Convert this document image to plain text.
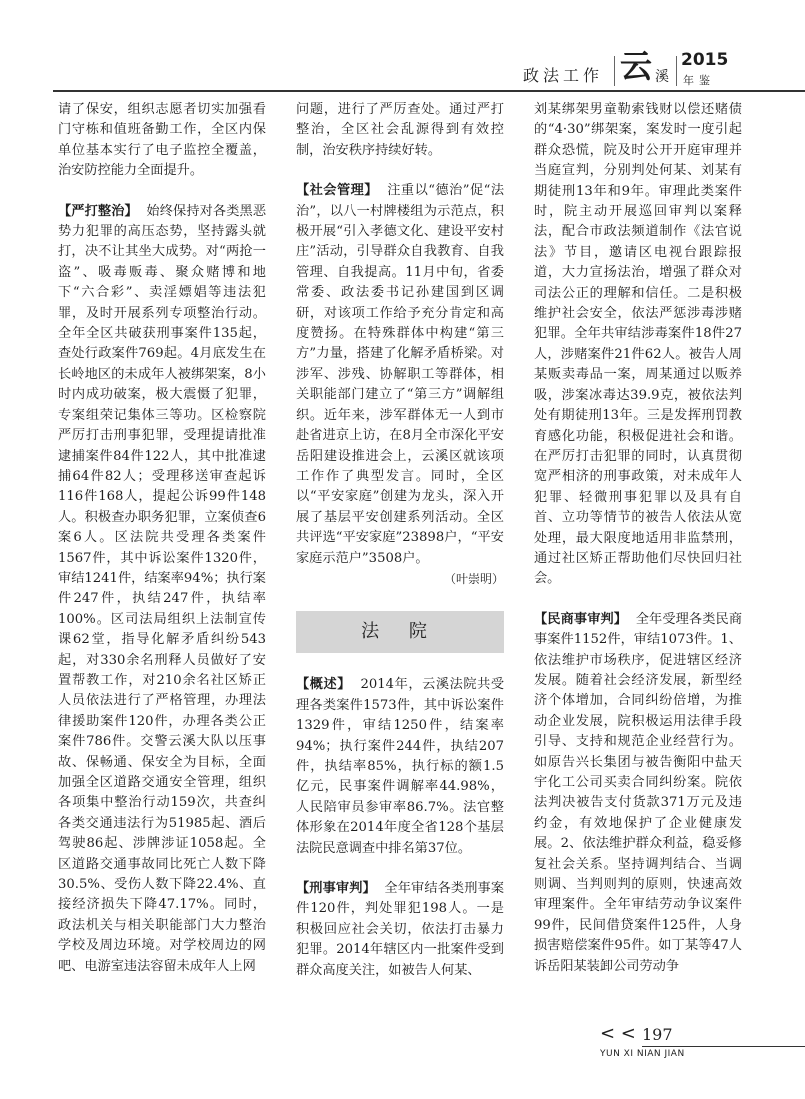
政法工作 云 溪
2015
年鉴

请了保安，组织志愿者切实加强看门守栋和值班备勤工作，全区内保单位基本实行了电子监控全覆盖，治安防控能力全面提升。

【严打整治】 始终保持对各类黑恶势力犯罪的高压态势，坚持露头就打，决不让其坐大成势。对“两抢一盗”、吸毒贩毒、聚众赌博和地下“六合彩”、卖淫嫖娼等违法犯罪，及时开展系列专项整治行动。全年全区共破获刑事案件135起，查处行政案件769起。4月底发生在长岭地区的未成年人被绑架案，8小时内成功破案，极大震慑了犯罪，专案组荣记集体三等功。区检察院严厉打击刑事犯罪，受理提请批准逮捕案件84件122人，其中批准逮捕64件82人；受理移送审查起诉116件168人，提起公诉99件148人。积极查办职务犯罪，立案侦查6案6人。区法院共受理各类案件1567件，其中诉讼案件1320件，审结1241件，结案率94%；执行案件247件，执结247件，执结率100%。区司法局组织上法制宣传课62堂，指导化解矛盾纠纷543起，对330余名刑释人员做好了安置帮教工作，对210余名社区矫正人员依法进行了严格管理，办理法律援助案件120件，办理各类公正案件786件。交警云溪大队以压事故、保畅通、保安全为目标，全面加强全区道路交通安全管理，组织各项集中整治行动159次，共查纠各类交通违法行为51985起、酒后驾驶86起、涉牌涉证1058起。全区道路交通事故同比死亡人数下降30.5%、受伤人数下降22.4%、直接经济损失下降47.17%。同时，政法机关与相关职能部门大力整治学校及周边环境。对学校周边的网吧、电游室违法容留未成年人上网

问题，进行了严厉查处。通过严打整治，全区社会乱源得到有效控制，治安秩序持续好转。

【社会管理】 注重以“德治”促“法治”，以八一村牌楼组为示范点，积极开展“引入孝德文化、建设平安村庄”活动，引导群众自我教育、自我管理、自我提高。11月中旬，省委常委、政法委书记孙建国到区调研，对该项工作给予充分肯定和高度赞扬。在特殊群体中构建“第三方”力量，搭建了化解矛盾桥梁。对涉军、涉残、协解职工等群体，相关职能部门建立了“第三方”调解组织。近年来，涉军群体无一人到市赴省进京上访，在8月全市深化平安岳阳建设推进会上，云溪区就该项工作作了典型发言。同时，全区以“平安家庭”创建为龙头，深入开展了基层平安创建系列活动。全区共评选“平安家庭”23898户，“平安家庭示范户”3508户。

（叶崇明）

法 院

【概述】 2014年，云溪法院共受理各类案件1573件，其中诉讼案件1329件，审结1250件，结案率94%；执行案件244件，执结207件，执结率85%，执行标的额1.5亿元，民事案件调解率44.98%，人民陪审员参审率86.7%。法官整体形象在2014年度全省128个基层法院民意调查中排名第37位。

【刑事审判】 全年审结各类刑事案件120件，判处罪犯198人。一是积极回应社会关切，依法打击暴力犯罪。2014年辖区内一批案件受到群众高度关注，如被告人何某、

刘某绑架男童勒索钱财以偿还赌债的“4·30”绑架案，案发时一度引起群众恐慌，院及时公开开庭审理并当庭宣判，分别判处何某、刘某有期徒刑13年和9年。审理此类案件时，院主动开展巡回审判以案释法，配合市政法频道制作《法官说法》节目，邀请区电视台跟踪报道，大力宣扬法治，增强了群众对司法公正的理解和信任。二是积极维护社会安全，依法严惩涉毒涉赌犯罪。全年共审结涉毒案件18件27人，涉赌案件21件62人。被告人周某贩卖毒品一案，周某通过以贩养吸，涉案冰毒达39.9克，被依法判处有期徒刑13年。三是发挥刑罚教育感化功能，积极促进社会和谐。在严厉打击犯罪的同时，认真贯彻宽严相济的刑事政策，对未成年人犯罪、轻微刑事犯罪以及具有自首、立功等情节的被告人依法从宽处理，最大限度地适用非监禁刑，通过社区矫正帮助他们尽快回归社会。

【民商事审判】 全年受理各类民商事案件1152件，审结1073件。1、依法维护市场秩序，促进辖区经济发展。随着社会经济发展，新型经济个体增加，合同纠纷倍增，为推动企业发展，院积极运用法律手段引导、支持和规范企业经营行为。如原告兴长集团与被告衡阳中盐天宇化工公司买卖合同纠纷案。院依法判决被告支付货款371万元及违约金，有效地保护了企业健康发展。2、依法维护群众利益，稳妥修复社会关系。坚持调判结合、当调则调、当判则判的原则，快速高效审理案件。全年审结劳动争议案件99件，民间借贷案件125件，人身损害赔偿案件95件。如丁某等47人诉岳阳某装卸公司劳动争

< < 197
YUN XI NIAN JIAN
